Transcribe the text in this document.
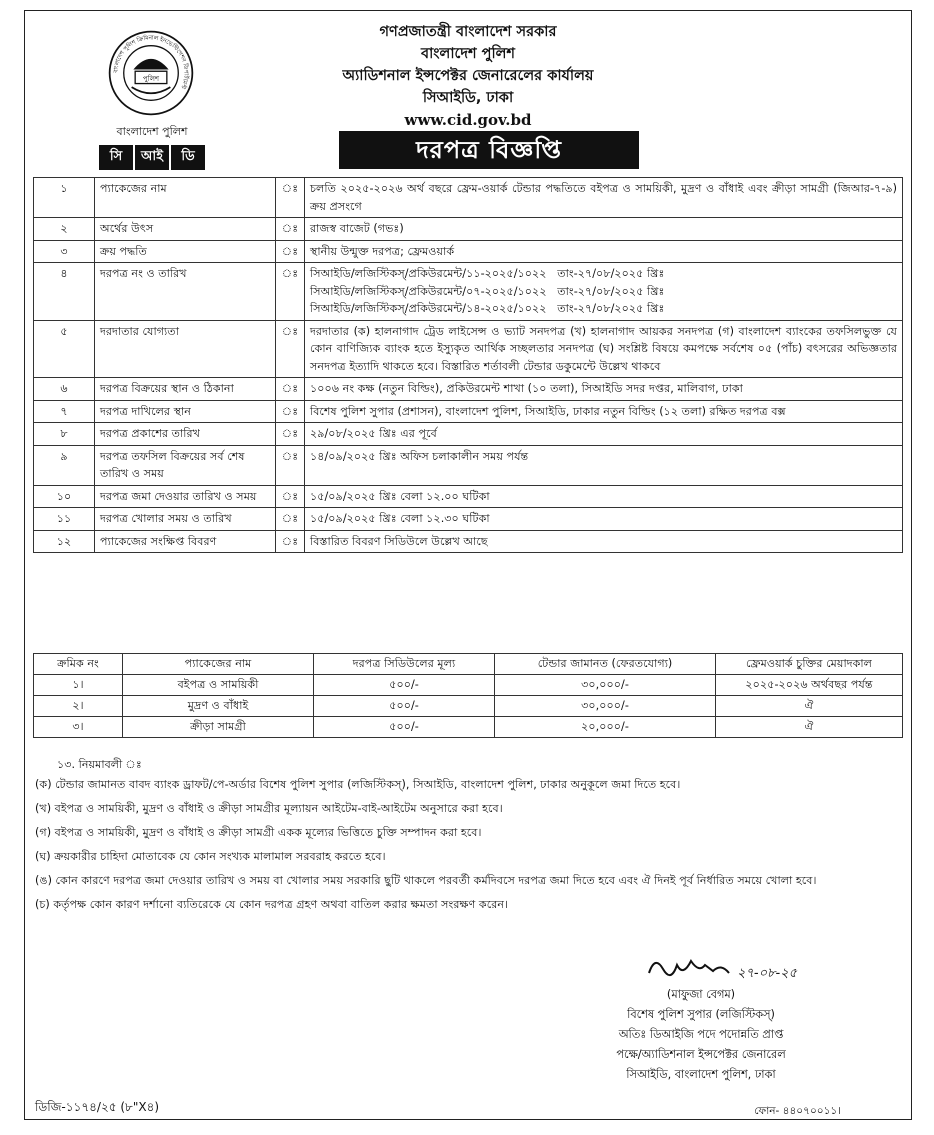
বাংলাদেশ পুলিশ ক্রিমিনাল ইনভেস্টিগেশন ডিপার্টমেন্ট
পুলিশ
বাংলাদেশ পুলিশ
সি	আই	ডি
গণপ্রজাতন্ত্রী বাংলাদেশ সরকার
বাংলাদেশ পুলিশ
অ্যাডিশনাল ইন্সপেক্টর জেনারেলের কার্যালয়
সিআইডি, ঢাকা
www.cid.gov.bd
দরপত্র বিজ্ঞপ্তি
১	প্যাকেজের নাম	ঃ	চলতি ২০২৫-২০২৬ অর্থ বছরে ফ্রেম-ওয়ার্ক টেন্ডার পদ্ধতিতে বইপত্র ও সাময়িকী, মুদ্রণ ও বাঁধাই এবং ক্রীড়া সামগ্রী (জিআর-৭-৯) ক্রয় প্রসংগে
২	অর্থের উৎস	ঃ	রাজস্ব বাজেট (গভঃ)
৩	ক্রয় পদ্ধতি	ঃ	স্থানীয় উন্মুক্ত দরপত্র; ফ্রেমওয়ার্ক
৪	দরপত্র নং ও তারিখ	ঃ	সিআইডি/লজিস্টিকস্/প্রকিউরমেন্ট/১১-২০২৫/১০২২   তাং-২৭/০৮/২০২৫ খ্রিঃ
সিআইডি/লজিস্টিকস্/প্রকিউরমেন্ট/০৭-২০২৫/১০২২   তাং-২৭/০৮/২০২৫ খ্রিঃ
সিআইডি/লজিস্টিকস্/প্রকিউরমেন্ট/১৪-২০২৫/১০২২   তাং-২৭/০৮/২০২৫ খ্রিঃ

৫	দরদাতার যোগ্যতা	ঃ	দরদাতার (ক) হালনাগাদ ট্রেড লাইসেন্স ও ভ্যাট সনদপত্র (খ) হালনাগাদ আয়কর সনদপত্র (গ) বাংলাদেশ ব্যাংকের তফসিলভুক্ত যে কোন বাণিজ্যিক ব্যাংক হতে ইস্যুকৃত আর্থিক সচ্ছলতার সনদপত্র (ঘ) সংশ্লিষ্ট বিষয়ে কমপক্ষে সর্বশেষ ০৫ (পাঁচ) বৎসরের অভিজ্ঞতার সনদপত্র ইত্যাদি থাকতে হবে। বিস্তারিত শর্তাবলী টেন্ডার ডকুমেন্টে উল্লেখ থাকবে
৬	দরপত্র বিক্রয়ের স্থান ও ঠিকানা	ঃ	১০০৬ নং কক্ষ (নতুন বিল্ডিং), প্রকিউরমেন্ট শাখা (১০ তলা), সিআইডি সদর দপ্তর, মালিবাগ, ঢাকা
৭	দরপত্র দাখিলের স্থান	ঃ	বিশেষ পুলিশ সুপার (প্রশাসন), বাংলাদেশ পুলিশ, সিআইডি, ঢাকার নতুন বিল্ডিং (১২ তলা) রক্ষিত দরপত্র বক্স
৮	দরপত্র প্রকাশের তারিখ	ঃ	২৯/০৮/২০২৫ খ্রিঃ এর পূর্বে
৯	দরপত্র তফসিল বিক্রয়ের সর্ব শেষ তারিখ ও সময়	ঃ	১৪/০৯/২০২৫ খ্রিঃ অফিস চলাকালীন সময় পর্যন্ত
১০	দরপত্র জমা দেওয়ার তারিখ ও সময়	ঃ	১৫/০৯/২০২৫ খ্রিঃ বেলা ১২.০০ ঘটিকা
১১	দরপত্র খোলার সময় ও তারিখ	ঃ	১৫/০৯/২০২৫ খ্রিঃ বেলা ১২.৩০ ঘটিকা
১২	প্যাকেজের সংক্ষিপ্ত বিবরণ	ঃ	বিস্তারিত বিবরণ সিডিউলে উল্লেখ আছে
ক্রমিক নং	প্যাকেজের নাম	দরপত্র সিডিউলের মূল্য	টেন্ডার জামানত (ফেরতযোগ্য)	ফ্রেমওয়ার্ক চুক্তির মেয়াদকাল
১।	বইপত্র ও সাময়িকী	৫০০/-	৩০,০০০/-	২০২৫-২০২৬ অর্থবছর পর্যন্ত
২।	মুদ্রণ ও বাঁধাই	৫০০/-	৩০,০০০/-	ঐ
৩।	ক্রীড়া সামগ্রী	৫০০/-	২০,০০০/-	ঐ
১৩. নিয়মাবলী ঃ
(ক) টেন্ডার জামানত বাবদ ব্যাংক ড্রাফট/পে-অর্ডার বিশেষ পুলিশ সুপার (লজিস্টিকস্), সিআইডি, বাংলাদেশ পুলিশ, ঢাকার অনুকূলে জমা দিতে হবে।
(খ) বইপত্র ও সাময়িকী, মুদ্রণ ও বাঁধাই ও ক্রীড়া সামগ্রীর মূল্যায়ন আইটেম-বাই-আইটেম অনুসারে করা হবে।
(গ) বইপত্র ও সাময়িকী, মুদ্রণ ও বাঁধাই ও ক্রীড়া সামগ্রী একক মূল্যের ভিত্তিতে চুক্তি সম্পাদন করা হবে।
(ঘ) ক্রয়কারীর চাহিদা মোতাবেক যে কোন সংখ্যক মালামাল সরবরাহ করতে হবে।
(ঙ) কোন কারণে দরপত্র জমা দেওয়ার তারিখ ও সময় বা খোলার সময় সরকারি ছুটি থাকলে পরবর্তী কর্মদিবসে দরপত্র জমা দিতে হবে এবং ঐ দিনই পূর্ব নির্ধারিত সময়ে খোলা হবে।
(চ) কর্তৃপক্ষ কোন কারণ দর্শানো ব্যতিরেকে যে কোন দরপত্র গ্রহণ অথবা বাতিল করার ক্ষমতা সংরক্ষণ করেন।
২৭-০৮-২৫
(মাফুজা বেগম)
বিশেষ পুলিশ সুপার (লজিস্টিকস্)
অতিঃ ডিআইজি পদে পদোন্নতি প্রাপ্ত
পক্ষে/অ্যাডিশনাল ইন্সপেক্টর জেনারেল
সিআইডি, বাংলাদেশ পুলিশ, ঢাকা
ডিজি-১১৭৪/২৫ (৮"X৪)	ফোন- ৪৪০৭০০১১।
